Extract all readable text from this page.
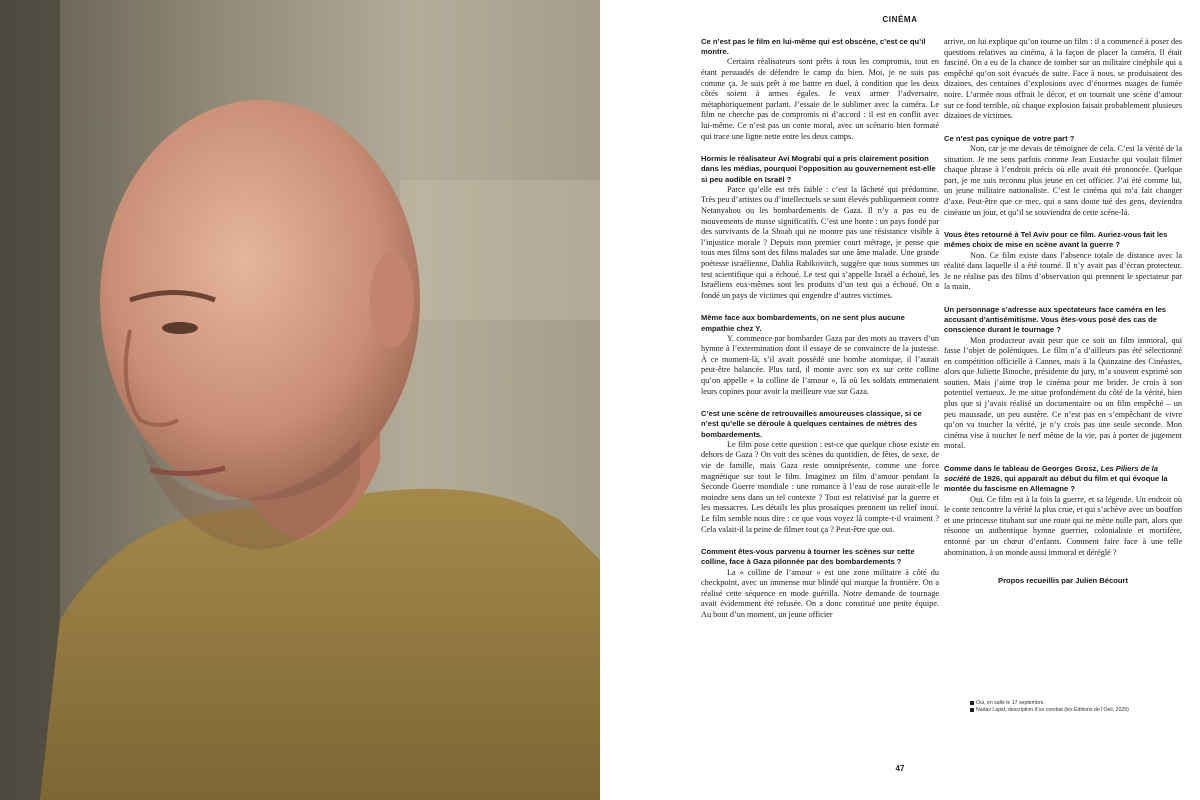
CINÉMA

Ce n’est pas le film en lui-même qui est obscène, c’est ce qu’il montre.

Certains réalisateurs sont prêts à tous les compromis, tout en étant persuadés de défendre le camp du bien. Moi, je ne suis pas comme ça. Je suis prêt à me battre en duel, à condition que les deux côtés soient à armes égales. Je veux armer l’adversaire, métaphoriquement parlant. J’essaie de le sublimer avec la caméra. Le film ne cherche pas de compromis ni d’accord : il est en conflit avec lui-même. Ce n’est pas un conte moral, avec un scénario bien formaté qui trace une ligne nette entre les deux camps.

Hormis le réalisateur Avi Mograbi qui a pris clairement position dans les médias, pourquoi l’opposition au gouvernement est-elle si peu audible en Israël ?

Parce qu’elle est très faible : c’est la lâcheté qui prédomine. Très peu d’artistes ou d’intellectuels se sont élevés publiquement contre Netanyahou ou les bombardements de Gaza. Il n’y a pas eu de mouvements de masse significatifs. C’est une honte : un pays fondé par des survivants de la Shoah qui ne montre pas une résistance visible à l’injustice morale ? Depuis mon premier court métrage, je pense que tous mes films sont des films malades sur une âme malade. Une grande poétesse israélienne, Dahlia Rabikovitch, suggère que nous sommes un test scientifique qui a échoué. Le test qui s’appelle Israël a échoué, les Israéliens eux-mêmes sont les produits d’un test qui a échoué. On a fondé un pays de victimes qui engendre d’autres victimes.

Même face aux bombardements, on ne sent plus aucune empathie chez Y.

Y. commence par bombarder Gaza par des mots au travers d’un hymne à l’extermination dont il essaye de se convaincre de la justesse. À ce moment-là, s’il avait possédé une bombe atomique, il l’aurait peut-être balancée. Plus tard, il monte avec son ex sur cette colline qu’on appelle « la colline de l’amour », là où les soldats emmenaient leurs copines pour avoir la meilleure vue sur Gaza.

C’est une scène de retrouvailles amoureuses classique, si ce n’est qu’elle se déroule à quelques centaines de mètres des bombardements.

Le film pose cette question : est-ce que quelque chose existe en dehors de Gaza ? On voit des scènes du quotidien, de fêtes, de sexe, de vie de famille, mais Gaza reste omniprésente, comme une force magnétique sur tout le film. Imaginez un film d’amour pendant la Seconde Guerre mondiale : une romance à l’eau de rose aurait-elle le moindre sens dans un tel contexte ? Tout est relativisé par la guerre et les massacres. Les détails les plus prosaïques prennent un relief inouï. Le film semble nous dire : ce que vous voyez là compte-t-il vraiment ? Cela valait-il la peine de filmer tout ça ? Peut-être que oui.

Comment êtes-vous parvenu à tourner les scènes sur cette colline, face à Gaza pilonnée par des bombardements ?

La « colline de l’amour » est une zone militaire à côté du checkpoint, avec un immense mur blindé qui marque la frontière. On a réalisé cette séquence en mode guérilla. Notre demande de tournage avait évidemment été refusée. On a donc constitué une petite équipe. Au bout d’un moment, un jeune officier

arrive, on lui explique qu’on tourne un film : il a commencé à poser des questions relatives au cinéma, à la façon de placer la caméra. Il était fasciné. On a eu de la chance de tomber sur un militaire cinéphile qui a empêché qu’on soit évacués de suite. Face à nous, se produisaient des dizaines, des centaines d’explosions avec d’énormes nuages de fumée noire. L’armée nous offrait le décor, et on tournait une scène d’amour sur ce fond terrible, où chaque explosion faisait probablement plusieurs dizaines de victimes.

Ce n’est pas cynique de votre part ?

Non, car je me devais de témoigner de cela. C’est la vérité de la situation. Je me sens parfois comme Jean Eustache qui voulait filmer chaque phrase à l’endroit précis où elle avait été prononcée. Quelque part, je me suis reconnu plus jeune en cet officier. J’ai été comme lui, un jeune militaire nationaliste. C’est le cinéma qui m’a fait changer d’axe. Peut-être que ce mec, qui a sans doute tué des gens, deviendra cinéaste un jour, et qu’il se souviendra de cette scène-là.

Vous êtes retourné à Tel Aviv pour ce film. Auriez-vous fait les mêmes choix de mise en scène avant la guerre ?

Non. Ce film existe dans l’absence totale de distance avec la réalité dans laquelle il a été tourné. Il n’y avait pas d’écran protecteur. Je ne réalise pas des films d’observation qui prennent le spectateur par la main.

Un personnage s’adresse aux spectateurs face caméra en les accusant d’antisémitisme. Vous êtes-vous posé des cas de conscience durant le tournage ?

Mon producteur avait peur que ce soit un film immoral, qui fasse l’objet de polémiques. Le film n’a d’ailleurs pas été sélectionné en compétition officielle à Cannes, mais à la Quinzaine des Cinéastes, alors que Juliette Binoche, présidente du jury, m’a souvent exprimé son soutien. Mais j’aime trop le cinéma pour me brider. Je crois à son potentiel vertueux. Je me situe profondément du côté de la vérité, bien plus que si j’avais réalisé un documentaire ou un film empêché – un peu maussade, un peu austère. Ce n’est pas en s’empêchant de vivre qu’on va toucher la vérité, je n’y crois pas une seule seconde. Mon cinéma vise à toucher le nerf même de la vie, pas à porter de jugement moral.

Comme dans le tableau de Georges Grosz, Les Piliers de la société de 1926, qui apparaît au début du film et qui évoque la montée du fascisme en Allemagne ?

Oui. Ce film est à la fois la guerre, et sa légende. Un endroit où le conte rencontre la vérité la plus crue, et qui s’achève avec un bouffon et une princesse titubant sur une route qui ne mène nulle part, alors que résonne un authentique hymne guerrier, colonialiste et mortifère, entonné par un chœur d’enfants. Comment faire face à une telle abomination, à un monde aussi immoral et déréglé ?

Propos recueillis par Julien Bécourt
Oui, en salle le 17 septembre.
Nadav Lapid, description d’un combat (les Éditions de l’Oeil, 2025)
47
